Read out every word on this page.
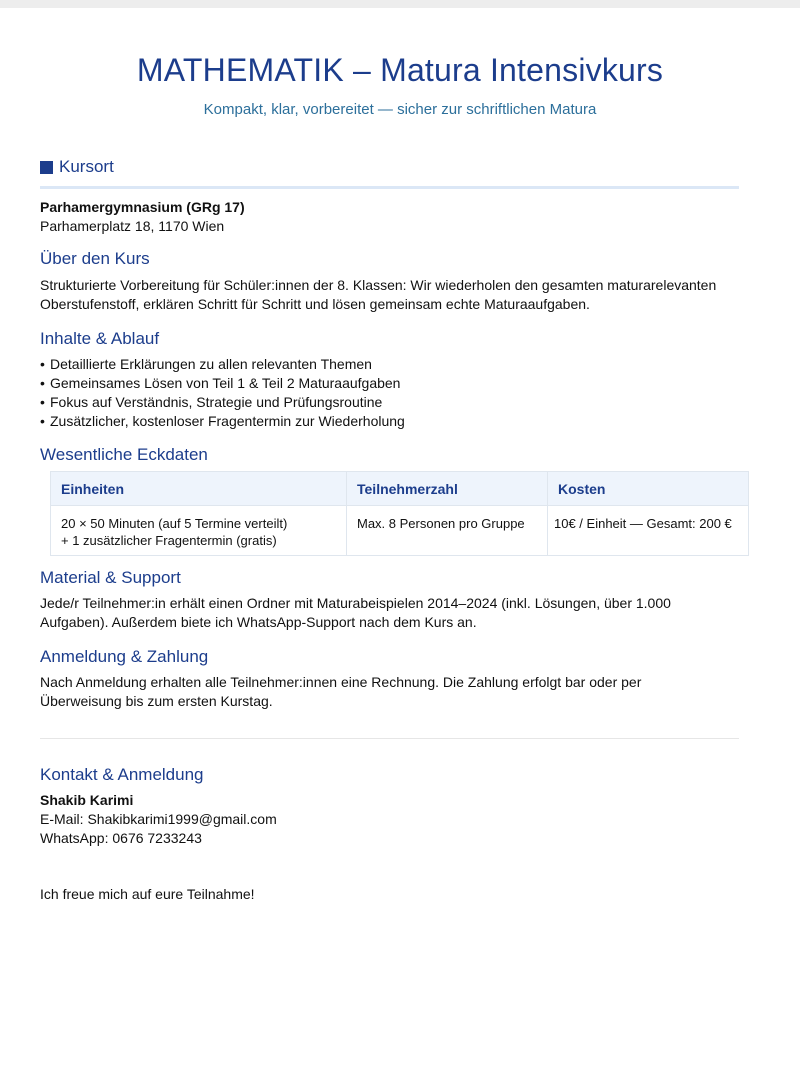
MATHEMATIK – Matura Intensivkurs
Kompakt, klar, vorbereitet — sicher zur schriftlichen Matura
Kursort
Parhamergymnasium (GRg 17)
Parhamerplatz 18, 1170 Wien
Über den Kurs
Strukturierte Vorbereitung für Schüler:innen der 8. Klassen: Wir wiederholen den gesamten maturarelevanten
Oberstufenstoff, erklären Schritt für Schritt und lösen gemeinsam echte Maturaaufgaben.
Inhalte & Ablauf
• Detaillierte Erklärungen zu allen relevanten Themen
• Gemeinsames Lösen von Teil 1 & Teil 2 Maturaaufgaben
• Fokus auf Verständnis, Strategie und Prüfungsroutine
• Zusätzlicher, kostenloser Fragentermin zur Wiederholung
Wesentliche Eckdaten
Einheiten	Teilnehmerzahl	Kosten

20 × 50 Minuten (auf 5 Termine verteilt)
+ 1 zusätzlicher Fragentermin (gratis)	Max. 8 Personen pro Gruppe	10€ / Einheit — Gesamt: 200 €
Material & Support
Jede/r Teilnehmer:in erhält einen Ordner mit Maturabeispielen 2014–2024 (inkl. Lösungen, über 1.000
Aufgaben). Außerdem biete ich WhatsApp-Support nach dem Kurs an.
Anmeldung & Zahlung
Nach Anmeldung erhalten alle Teilnehmer:innen eine Rechnung. Die Zahlung erfolgt bar oder per
Überweisung bis zum ersten Kurstag.
Kontakt & Anmeldung
Shakib Karimi
E-Mail: Shakibkarimi1999@gmail.com
WhatsApp: 0676 7233243
Ich freue mich auf eure Teilnahme!
